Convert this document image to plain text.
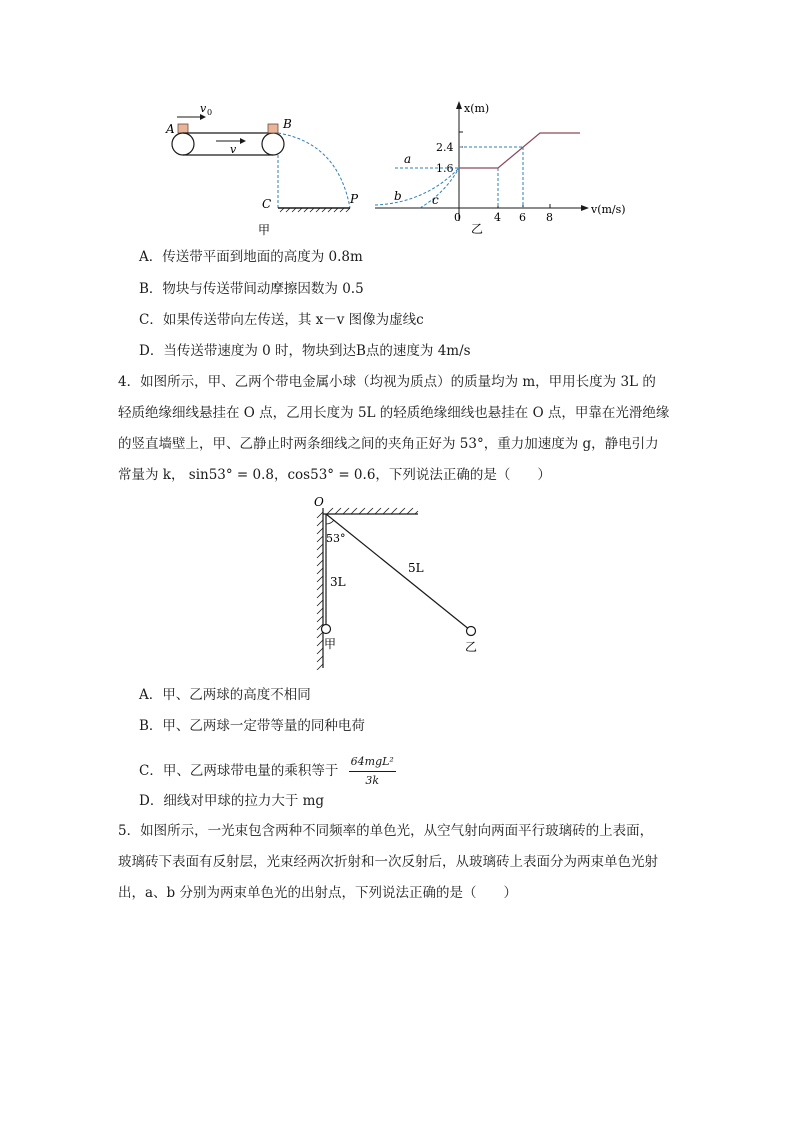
v 0
A	B
v
C	P
甲
x(m)
v(m/s)
2.4
1.6
0	4 6 8
a
b	c
乙
A．传送带平面到地面的高度为 0.8m
B．物块与传送带间动摩擦因数为 0.5
C．如果传送带向左传送，其 x－v 图像为虚线c
D．当传送带速度为 0 时，物块到达B点的速度为 4m/s
4．如图所示，甲、乙两个带电金属小球（均视为质点）的质量均为 m，甲用长度为 3L 的
轻质绝缘细线悬挂在 O 点，乙用长度为 5L 的轻质绝缘细线也悬挂在 O 点，甲靠在光滑绝缘
的竖直墙壁上，甲、乙静止时两条细线之间的夹角正好为 53°，重力加速度为 g，静电引力
常量为 k， sin53° = 0.8，cos53° = 0.6，下列说法正确的是（　　）
O
53°
3L
5L
甲	乙
A．甲、乙两球的高度不相同
B．甲、乙两球一定带等量的同种电荷
C．甲、乙两球带电量的乘积等于 $\frac{\text{64mgL²}}{3k}$
D．细线对甲球的拉力大于 mg
5．如图所示，一光束包含两种不同频率的单色光，从空气射向两面平行玻璃砖的上表面，
玻璃砖下表面有反射层，光束经两次折射和一次反射后，从玻璃砖上表面分为两束单色光射
出，a、b 分别为两束单色光的出射点，下列说法正确的是（　　）
